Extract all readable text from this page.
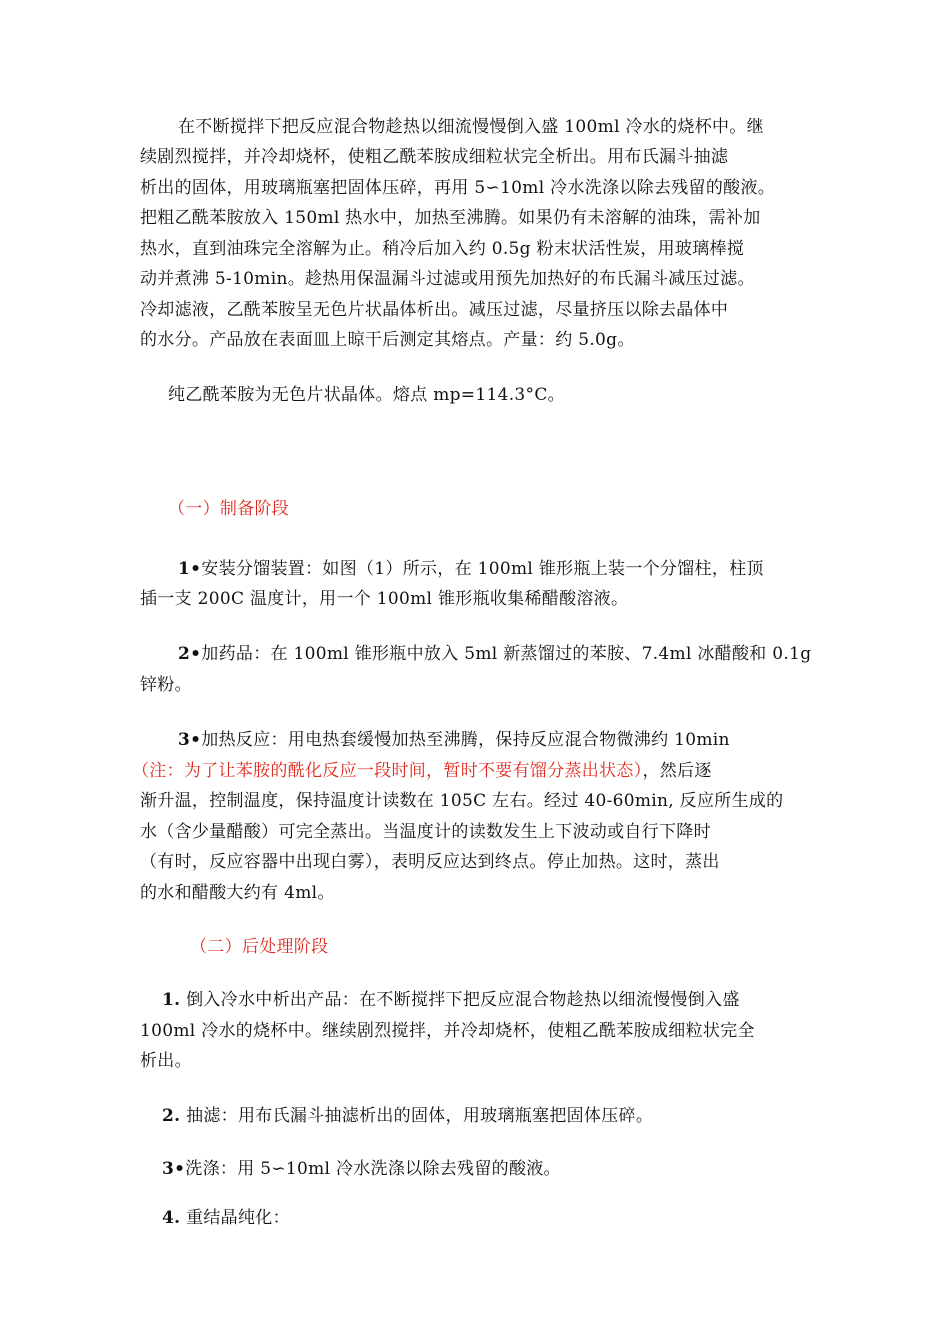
在不断搅拌下把反应混合物趁热以细流慢慢倒入盛 100ml 冷水的烧杯中。继
续剧烈搅拌，并冷却烧杯，使粗乙酰苯胺成细粒状完全析出。用布氏漏斗抽滤
析出的固体，用玻璃瓶塞把固体压碎，再用 5∽10ml 冷水洗涤以除去残留的酸液。
把粗乙酰苯胺放入 150ml 热水中，加热至沸腾。如果仍有未溶解的油珠，需补加
热水，直到油珠完全溶解为止。稍冷后加入约 0.5g 粉末状活性炭，用玻璃棒搅
动并煮沸 5-10min。趁热用保温漏斗过滤或用预先加热好的布氏漏斗减压过滤。
冷却滤液，乙酰苯胺呈无色片状晶体析出。减压过滤，尽量挤压以除去晶体中
的水分。产品放在表面皿上晾干后测定其熔点。产量：约 5.0g。
纯乙酰苯胺为无色片状晶体。熔点 mp=114.3°C。
（一）制备阶段
1•安装分馏装置：如图（1）所示，在 100ml 锥形瓶上装一个分馏柱，柱顶
插一支 200C 温度计，用一个 100ml 锥形瓶收集稀醋酸溶液。
2•加药品：在 100ml 锥形瓶中放入 5ml 新蒸馏过的苯胺、7.4ml 冰醋酸和 0.1g
锌粉。
3•加热反应：用电热套缓慢加热至沸腾，保持反应混合物微沸约 10min
（注：为了让苯胺的酰化反应一段时间，暂时不要有馏分蒸出状态），然后逐
渐升温，控制温度，保持温度计读数在 105C 左右。经过 40-60min, 反应所生成的
水（含少量醋酸）可完全蒸出。当温度计的读数发生上下波动或自行下降时
（有时，反应容器中出现白雾），表明反应达到终点。停止加热。这时，蒸出
的水和醋酸大约有 4ml。
（二）后处理阶段
1. 倒入冷水中析出产品：在不断搅拌下把反应混合物趁热以细流慢慢倒入盛
100ml 冷水的烧杯中。继续剧烈搅拌，并冷却烧杯，使粗乙酰苯胺成细粒状完全
析出。
2. 抽滤：用布氏漏斗抽滤析出的固体，用玻璃瓶塞把固体压碎。
3•洗涤：用 5∽10ml 冷水洗涤以除去残留的酸液。
4. 重结晶纯化：
